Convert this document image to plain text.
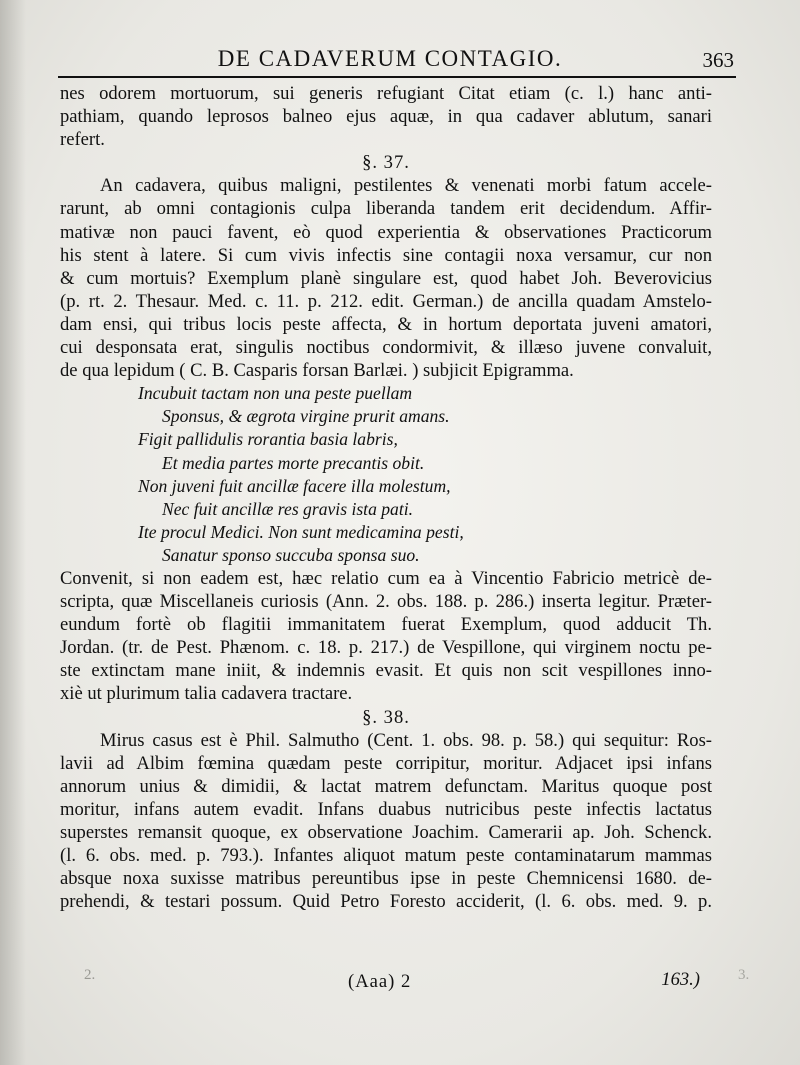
DE CADAVERUM CONTAGIO.	363
nes odorem mortuorum, sui generis refugiant Citat etiam (c. l.) hanc anti-
pathiam, quando leprosos balneo ejus aquæ, in qua cadaver ablutum, sanari
refert.
§. 37.
An cadavera, quibus maligni, pestilentes & venenati morbi fatum accele-
rarunt, ab omni contagionis culpa liberanda tandem erit decidendum. Affir-
mativæ non pauci favent, eò quod experientia & observationes Practicorum
his stent à latere. Si cum vivis infectis sine contagii noxa versamur, cur non
& cum mortuis? Exemplum planè singulare est, quod habet Joh. Beverovicius
(p. rt. 2. Thesaur. Med. c. 11. p. 212. edit. German.) de ancilla quadam Amstelo-
dam ensi, qui tribus locis peste affecta, & in hortum deportata juveni amatori,
cui desponsata erat, singulis noctibus condormivit, & illæso juvene convaluit,
de qua lepidum ( C. B. Casparis forsan Barlæi. ) subjicit Epigramma.
Incubuit tactam non una peste puellam
Sponsus, & ægrota virgine prurit amans.
Figit pallidulis rorantia basia labris,
Et media partes morte precantis obit.
Non juveni fuit ancillæ facere illa molestum,
Nec fuit ancillæ res gravis ista pati.
Ite procul Medici. Non sunt medicamina pesti,
Sanatur sponso succuba sponsa suo.
Convenit, si non eadem est, hæc relatio cum ea à Vincentio Fabricio metricè de-
scripta, quæ Miscellaneis curiosis (Ann. 2. obs. 188. p. 286.) inserta legitur. Præter-
eundum fortè ob flagitii immanitatem fuerat Exemplum, quod adducit Th.
Jordan. (tr. de Pest. Phænom. c. 18. p. 217.) de Vespillone, qui virginem noctu pe-
ste extinctam mane iniit, & indemnis evasit. Et quis non scit vespillones inno-
xiè ut plurimum talia cadavera tractare.
§. 38.
Mirus casus est è Phil. Salmutho (Cent. 1. obs. 98. p. 58.) qui sequitur: Ros-
lavii ad Albim fœmina quædam peste corripitur, moritur. Adjacet ipsi infans
annorum unius & dimidii, & lactat matrem defunctam. Maritus quoque post
moritur, infans autem evadit. Infans duabus nutricibus peste infectis lactatus
superstes remansit quoque, ex observatione Joachim. Camerarii ap. Joh. Schenck.
(l. 6. obs. med. p. 793.). Infantes aliquot matum peste contaminatarum mammas
absque noxa suxisse matribus pereuntibus ipse in peste Chemnicensi 1680. de-
prehendi, & testari possum. Quid Petro Foresto acciderit, (l. 6. obs. med. 9. p.
2.	(Aaa) 2	163.)	3.
